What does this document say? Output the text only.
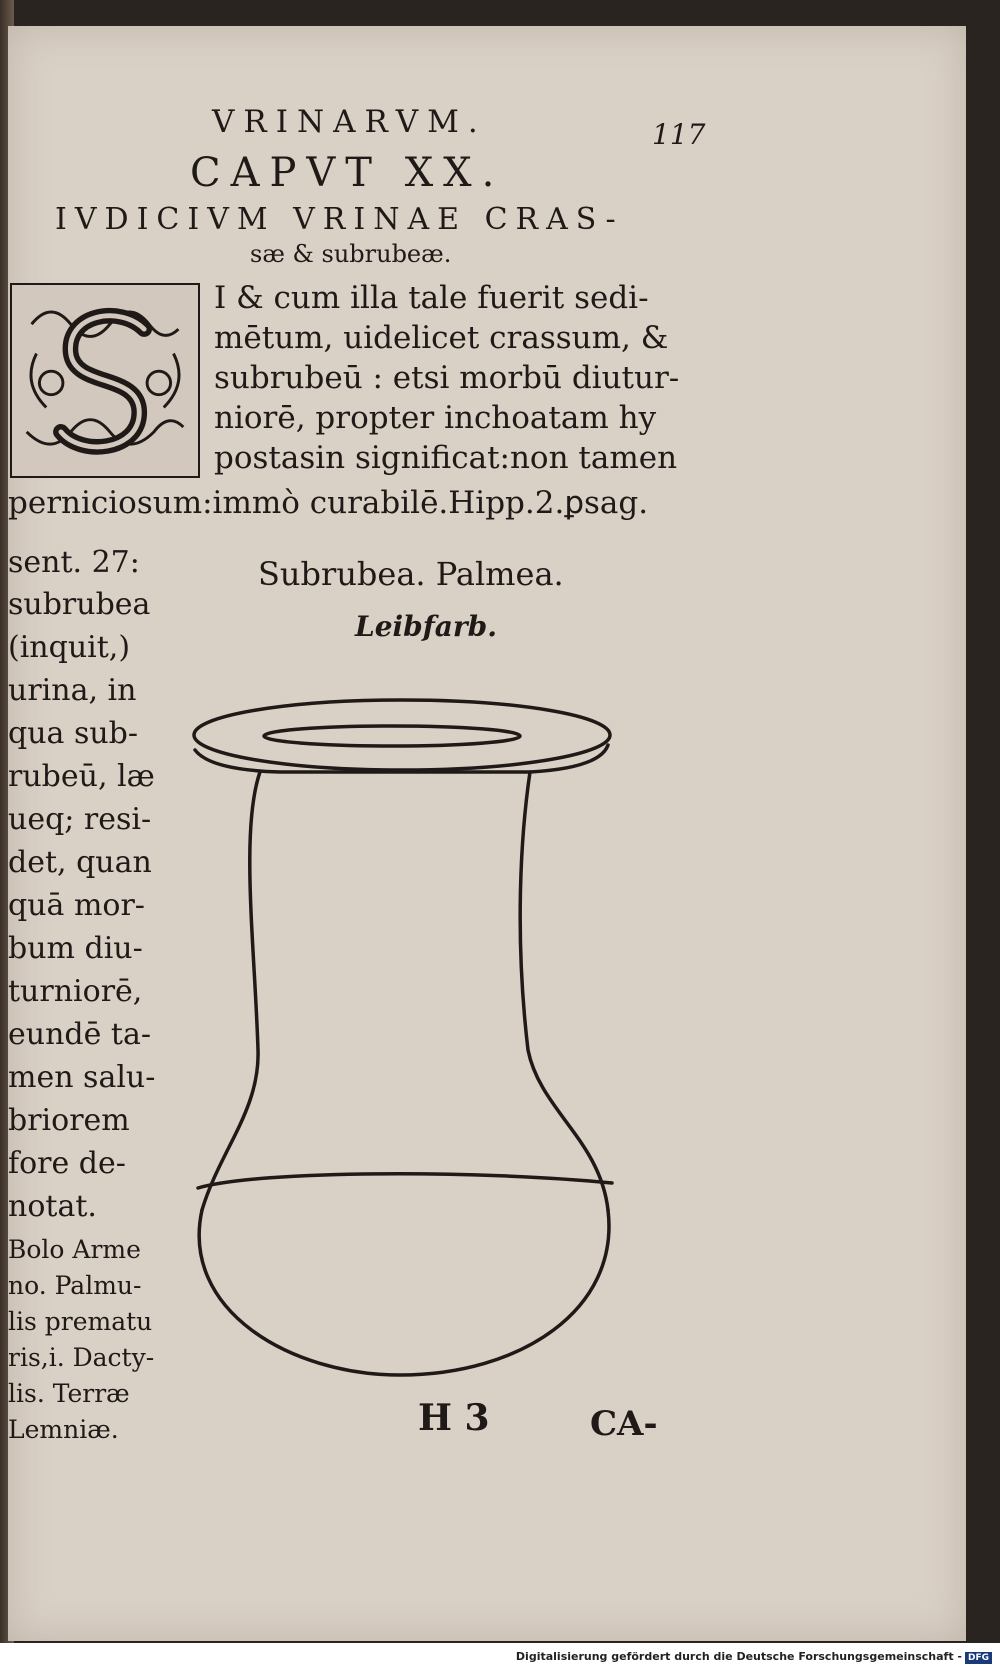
VRINARVM.	117
CAPVT XX.
IVDICIVM VRINAE CRAS-
sæ & subrubeæ.
I & cum illa tale fuerit sedi-
mētum, uidelicet crassum, &
subrubeū : etsi morbū diutur-
niorē, propter inchoatam hy
postasin significat:non tamen
perniciosum:immò curabilē.Hipp.2.ꝑsag.
Subrubea. Palmea.
Leibfarb.
sent. 27:
subrubea
(inquit,)
urina, in
qua sub-
rubeū, læ
ueq; resi-
det, quan
quā mor-
bum diu-
turniorē,
eundē ta-
men salu-
briorem
fore de-
notat.
Bolo Arme
no. Palmu-
lis prematu
ris,i. Dacty-
lis. Terræ
Lemniæ.	H 3	CA-
Digitalisierung gefördert durch die Deutsche Forschungsgemeinschaft - DFG
